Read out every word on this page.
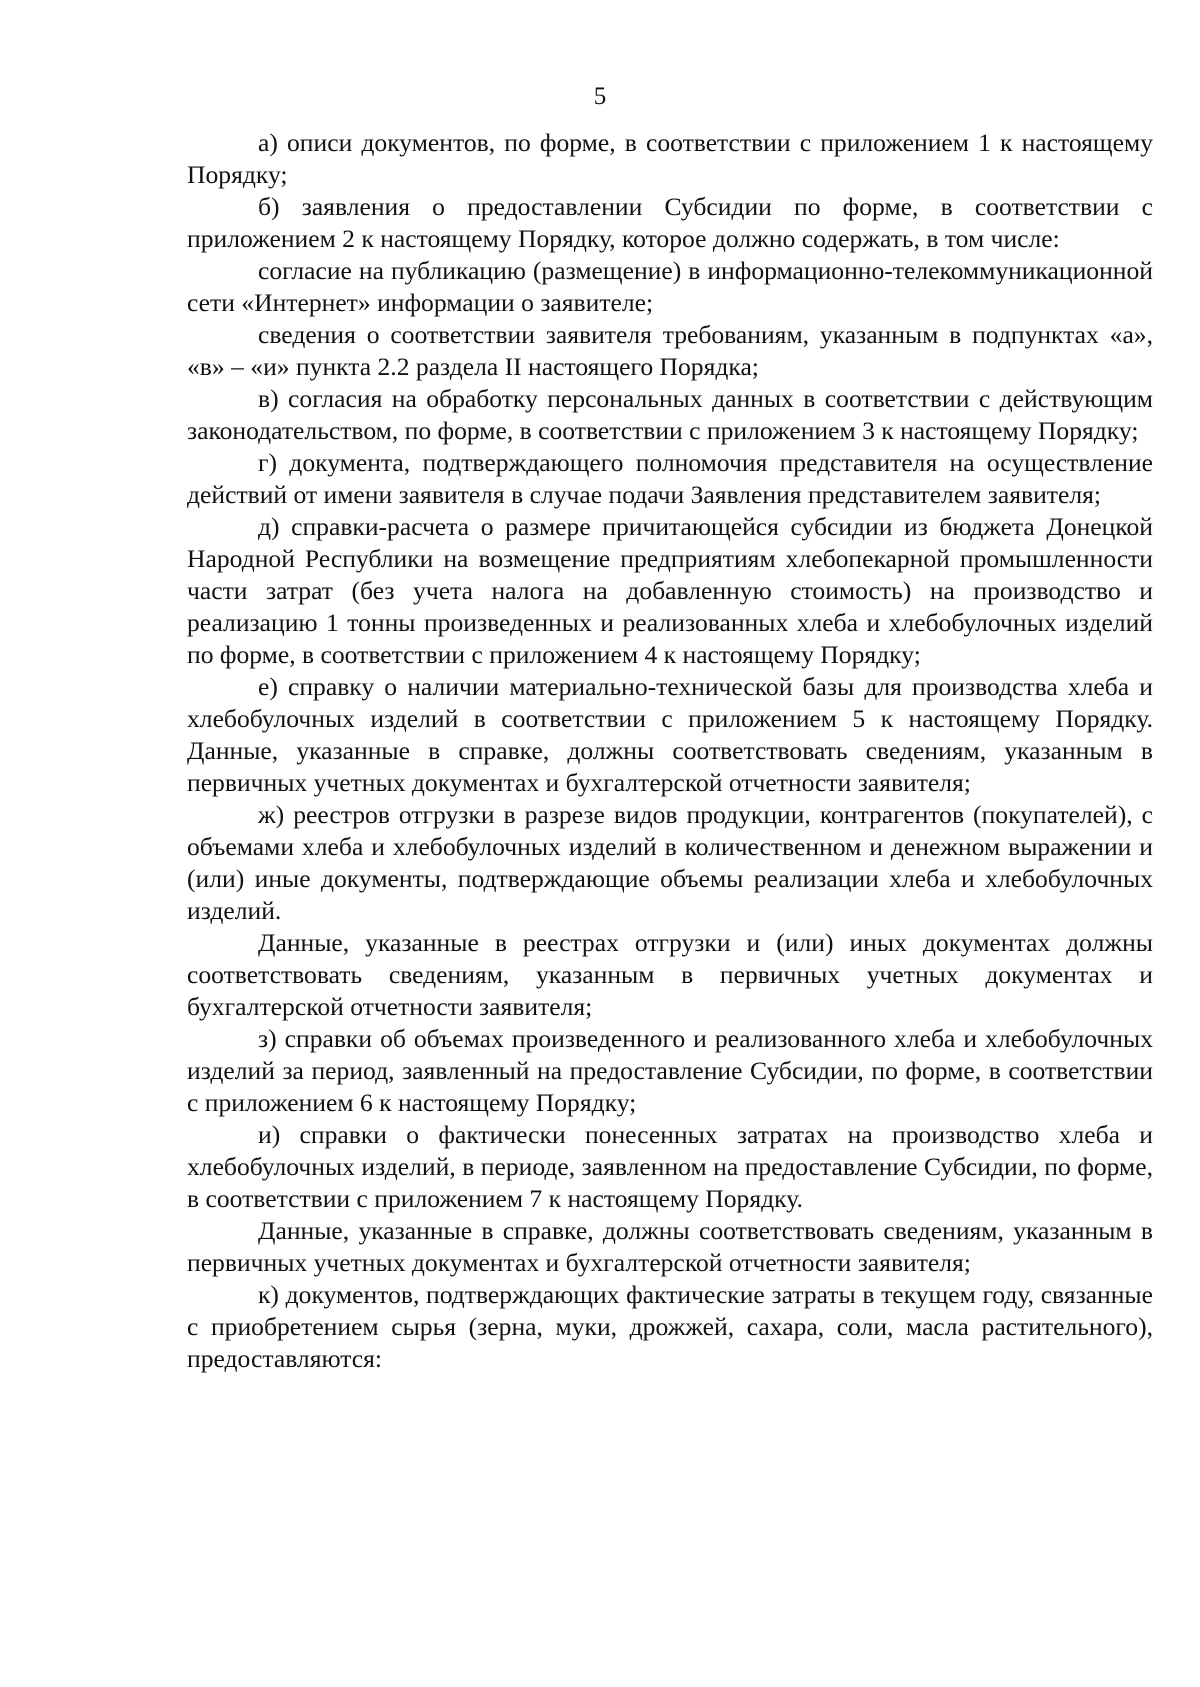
5

а) описи документов, по форме, в соответствии с приложением 1 к настоящему Порядку;

б) заявления о предоставлении Субсидии по форме, в соответствии с приложением 2 к настоящему Порядку, которое должно содержать, в том числе:

согласие на публикацию (размещение) в информационно-телекоммуникационной сети «Интернет» информации о заявителе;

сведения о соответствии заявителя требованиям, указанным в подпунктах «а», «в» – «и» пункта 2.2 раздела II настоящего Порядка;

в) согласия на обработку персональных данных в соответствии с действующим законодательством, по форме, в соответствии с приложением 3 к настоящему Порядку;

г) документа, подтверждающего полномочия представителя на осуществление действий от имени заявителя в случае подачи Заявления представителем заявителя;

д) справки-расчета о размере причитающейся субсидии из бюджета Донецкой Народной Республики на возмещение предприятиям хлебопекарной промышленности части затрат (без учета налога на добавленную стоимость) на производство и реализацию 1 тонны произведенных и реализованных хлеба и хлебобулочных изделий по форме, в соответствии с приложением 4 к настоящему Порядку;

е) справку о наличии материально-технической базы для производства хлеба и хлебобулочных изделий в соответствии с приложением 5 к настоящему Порядку. Данные, указанные в справке, должны соответствовать сведениям, указанным в первичных учетных документах и бухгалтерской отчетности заявителя;

ж) реестров отгрузки в разрезе видов продукции, контрагентов (покупателей), с объемами хлеба и хлебобулочных изделий в количественном и денежном выражении и (или) иные документы, подтверждающие объемы реализации хлеба и хлебобулочных изделий.

Данные, указанные в реестрах отгрузки и (или) иных документах должны соответствовать сведениям, указанным в первичных учетных документах и бухгалтерской отчетности заявителя;

з) справки об объемах произведенного и реализованного хлеба и хлебобулочных изделий за период, заявленный на предоставление Субсидии, по форме, в соответствии с приложением 6 к настоящему Порядку;

и) справки о фактически понесенных затратах на производство хлеба и хлебобулочных изделий, в периоде, заявленном на предоставление Субсидии, по форме, в соответствии с приложением 7 к настоящему Порядку.

Данные, указанные в справке, должны соответствовать сведениям, указанным в первичных учетных документах и бухгалтерской отчетности заявителя;

к) документов, подтверждающих фактические затраты в текущем году, связанные с приобретением сырья (зерна, муки, дрожжей, сахара, соли, масла растительного), предоставляются:
